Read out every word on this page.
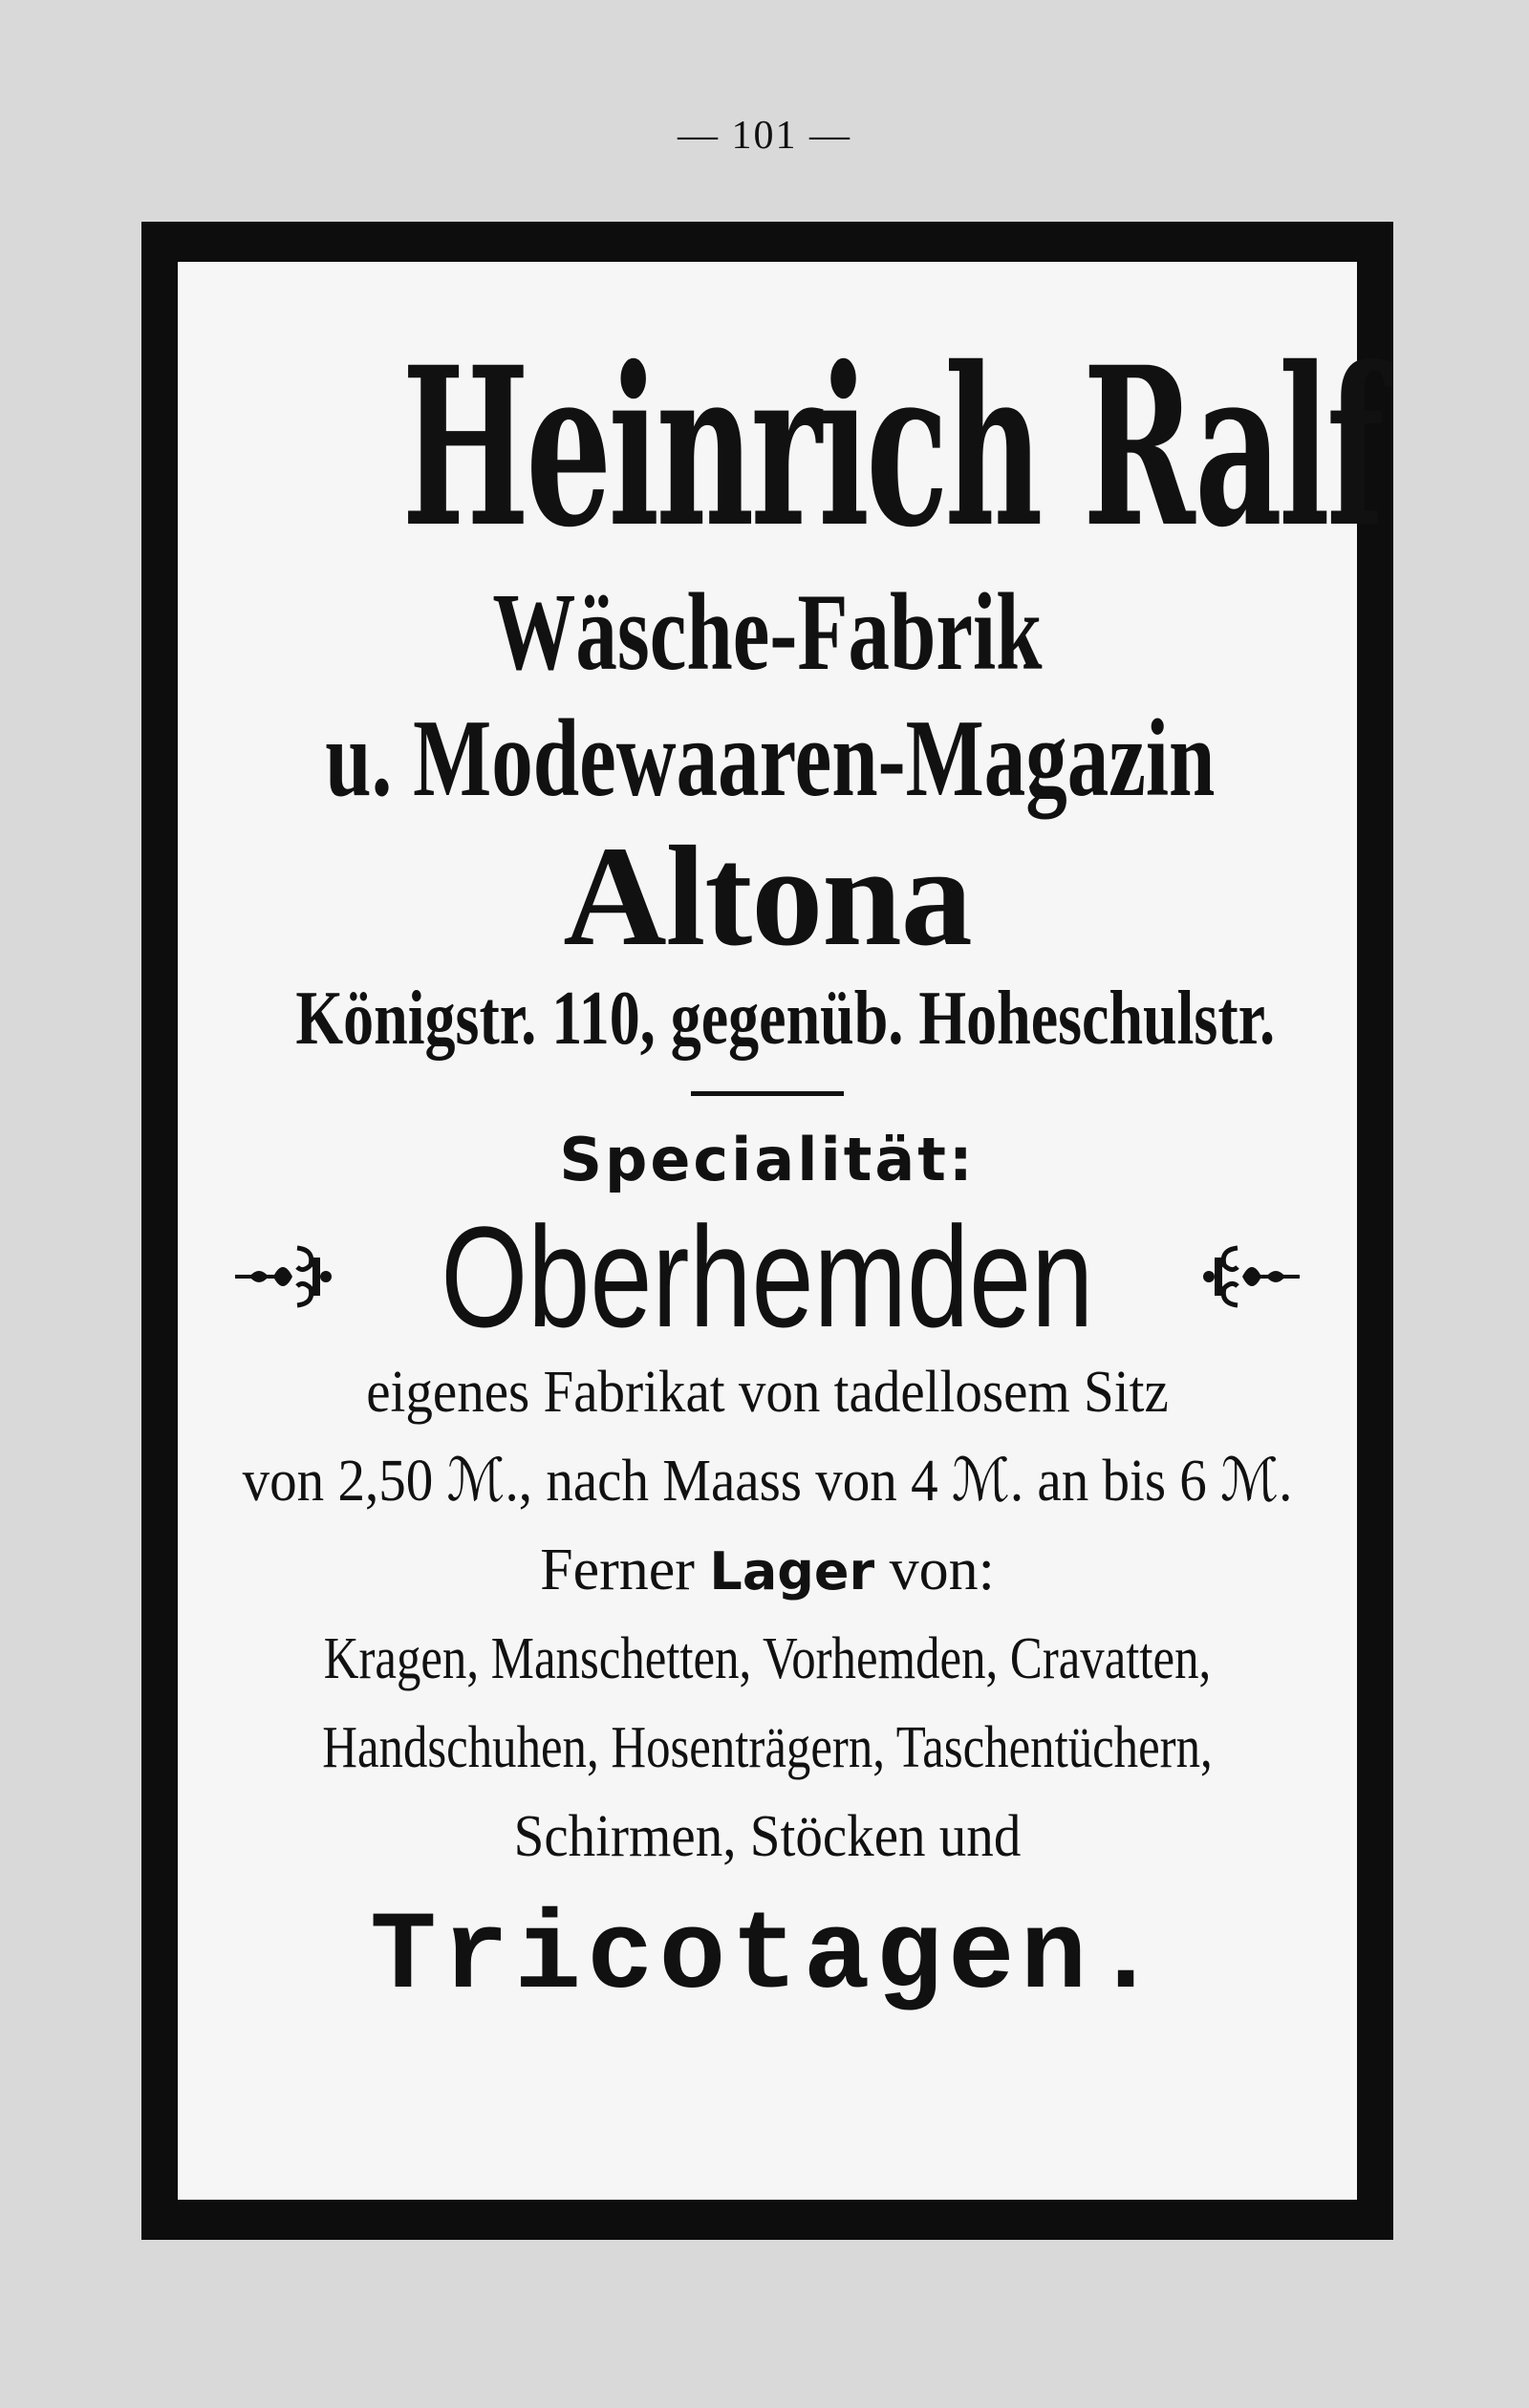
— 101 —
Heinrich Ralf
Wäsche-Fabrik
u. Modewaaren-Magazin
Altona
Königstr. 110, gegenüb. Hoheschulstr.
Specialität:
Oberhemden
eigenes Fabrikat von tadellosem Sitz
von 2,50 ℳ., nach Maass von 4 ℳ. an bis 6 ℳ.
Ferner Lager von:
Kragen, Manschetten, Vorhemden, Cravatten,
Handschuhen, Hosenträgern, Taschentüchern,
Schirmen, Stöcken und
Tricotagen.
